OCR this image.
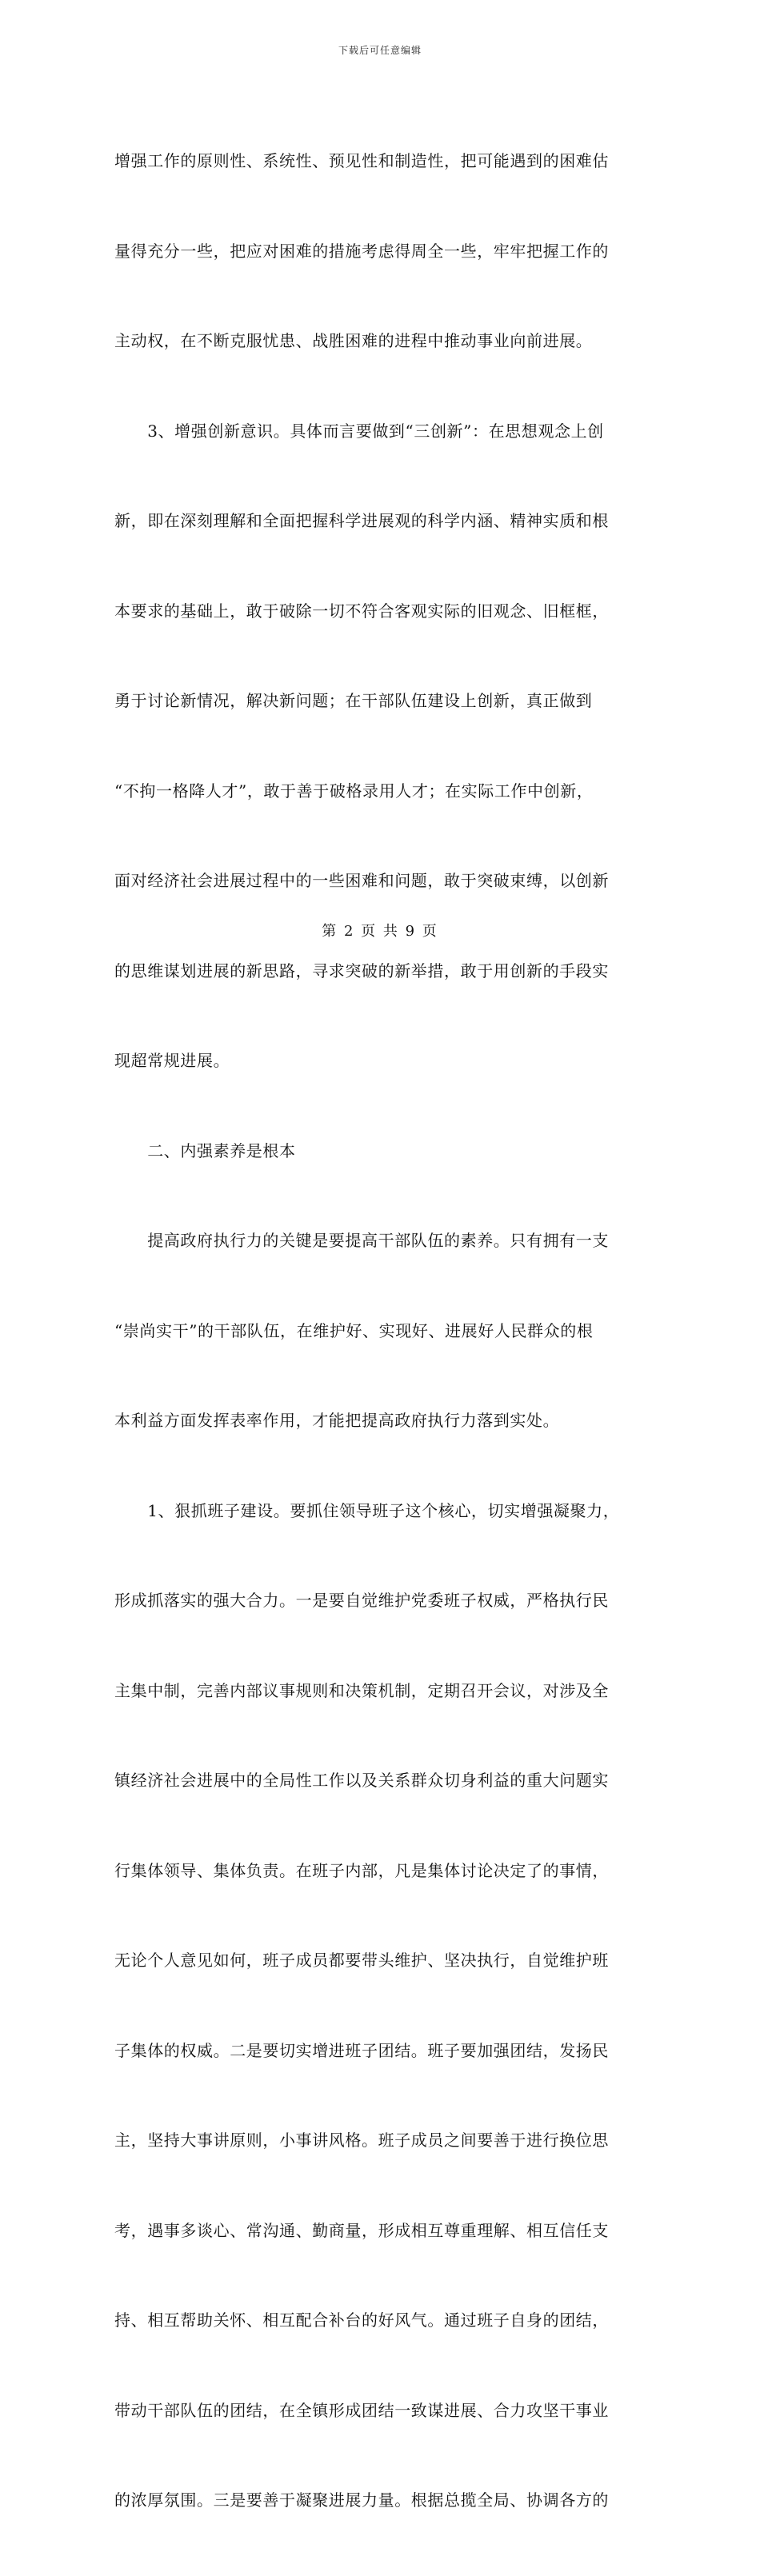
下载后可任意编辑

增强工作的原则性、系统性、预见性和制造性，把可能遇到的困难估

量得充分一些，把应对困难的措施考虑得周全一些，牢牢把握工作的

主动权，在不断克服忧患、战胜困难的进程中推动事业向前进展。

　　3、增强创新意识。具体而言要做到“三创新”：在思想观念上创

新，即在深刻理解和全面把握科学进展观的科学内涵、精神实质和根

本要求的基础上，敢于破除一切不符合客观实际的旧观念、旧框框，

勇于讨论新情况，解决新问题；在干部队伍建设上创新，真正做到

“不拘一格降人才”，敢于善于破格录用人才；在实际工作中创新，

面对经济社会进展过程中的一些困难和问题，敢于突破束缚，以创新

的思维谋划进展的新思路，寻求突破的新举措，敢于用创新的手段实

现超常规进展。

　　二、内强素养是根本

　　提高政府执行力的关键是要提高干部队伍的素养。只有拥有一支

“崇尚实干”的干部队伍，在维护好、实现好、进展好人民群众的根

本利益方面发挥表率作用，才能把提高政府执行力落到实处。

　　1、狠抓班子建设。要抓住领导班子这个核心，切实增强凝聚力，

形成抓落实的强大合力。一是要自觉维护党委班子权威，严格执行民

主集中制，完善内部议事规则和决策机制，定期召开会议，对涉及全

镇经济社会进展中的全局性工作以及关系群众切身利益的重大问题实

行集体领导、集体负责。在班子内部，凡是集体讨论决定了的事情，

无论个人意见如何，班子成员都要带头维护、坚决执行，自觉维护班

子集体的权威。二是要切实增进班子团结。班子要加强团结，发扬民

主，坚持大事讲原则，小事讲风格。班子成员之间要善于进行换位思

考，遇事多谈心、常沟通、勤商量，形成相互尊重理解、相互信任支

持、相互帮助关怀、相互配合补台的好风气。通过班子自身的团结，

带动干部队伍的团结，在全镇形成团结一致谋进展、合力攻坚干事业

的浓厚氛围。三是要善于凝聚进展力量。根据总揽全局、协调各方的

第 2 页 共 9 页
